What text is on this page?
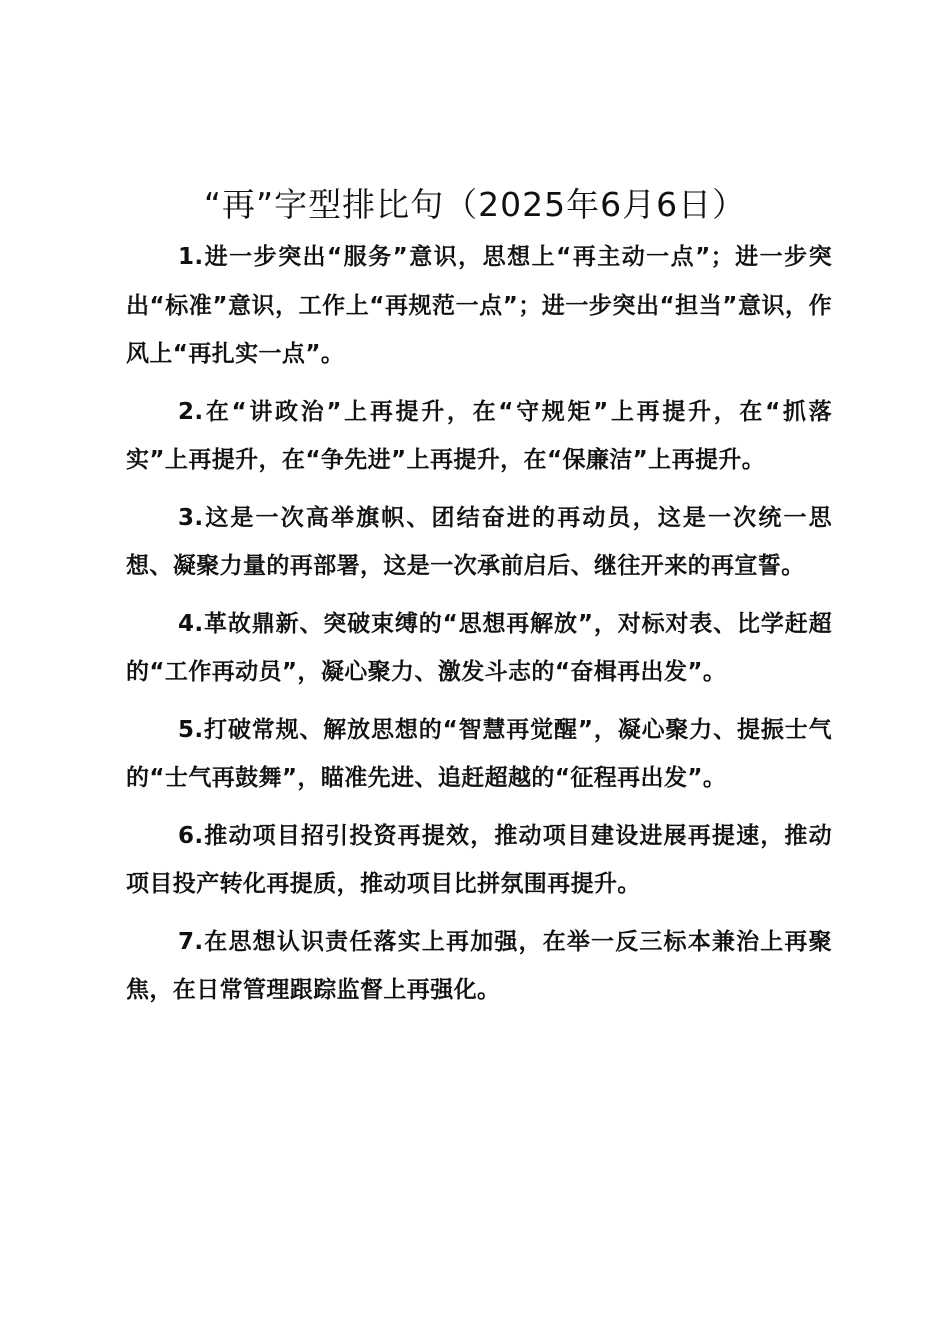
“再”字型排比句（2025年6月6日）

1.进一步突出“服务”意识，思想上“再主动一点”；进一步突出“标准”意识，工作上“再规范一点”；进一步突出“担当”意识，作风上“再扎实一点”。

2.在“讲政治”上再提升，在“守规矩”上再提升，在“抓落实”上再提升，在“争先进”上再提升，在“保廉洁”上再提升。

3.这是一次高举旗帜、团结奋进的再动员，这是一次统一思想、凝聚力量的再部署，这是一次承前启后、继往开来的再宣誓。

4.革故鼎新、突破束缚的“思想再解放”，对标对表、比学赶超的“工作再动员”，凝心聚力、激发斗志的“奋楫再出发”。

5.打破常规、解放思想的“智慧再觉醒”，凝心聚力、提振士气的“士气再鼓舞”，瞄准先进、追赶超越的“征程再出发”。

6.推动项目招引投资再提效，推动项目建设进展再提速，推动项目投产转化再提质，推动项目比拼氛围再提升。

7.在思想认识责任落实上再加强，在举一反三标本兼治上再聚焦，在日常管理跟踪监督上再强化。
